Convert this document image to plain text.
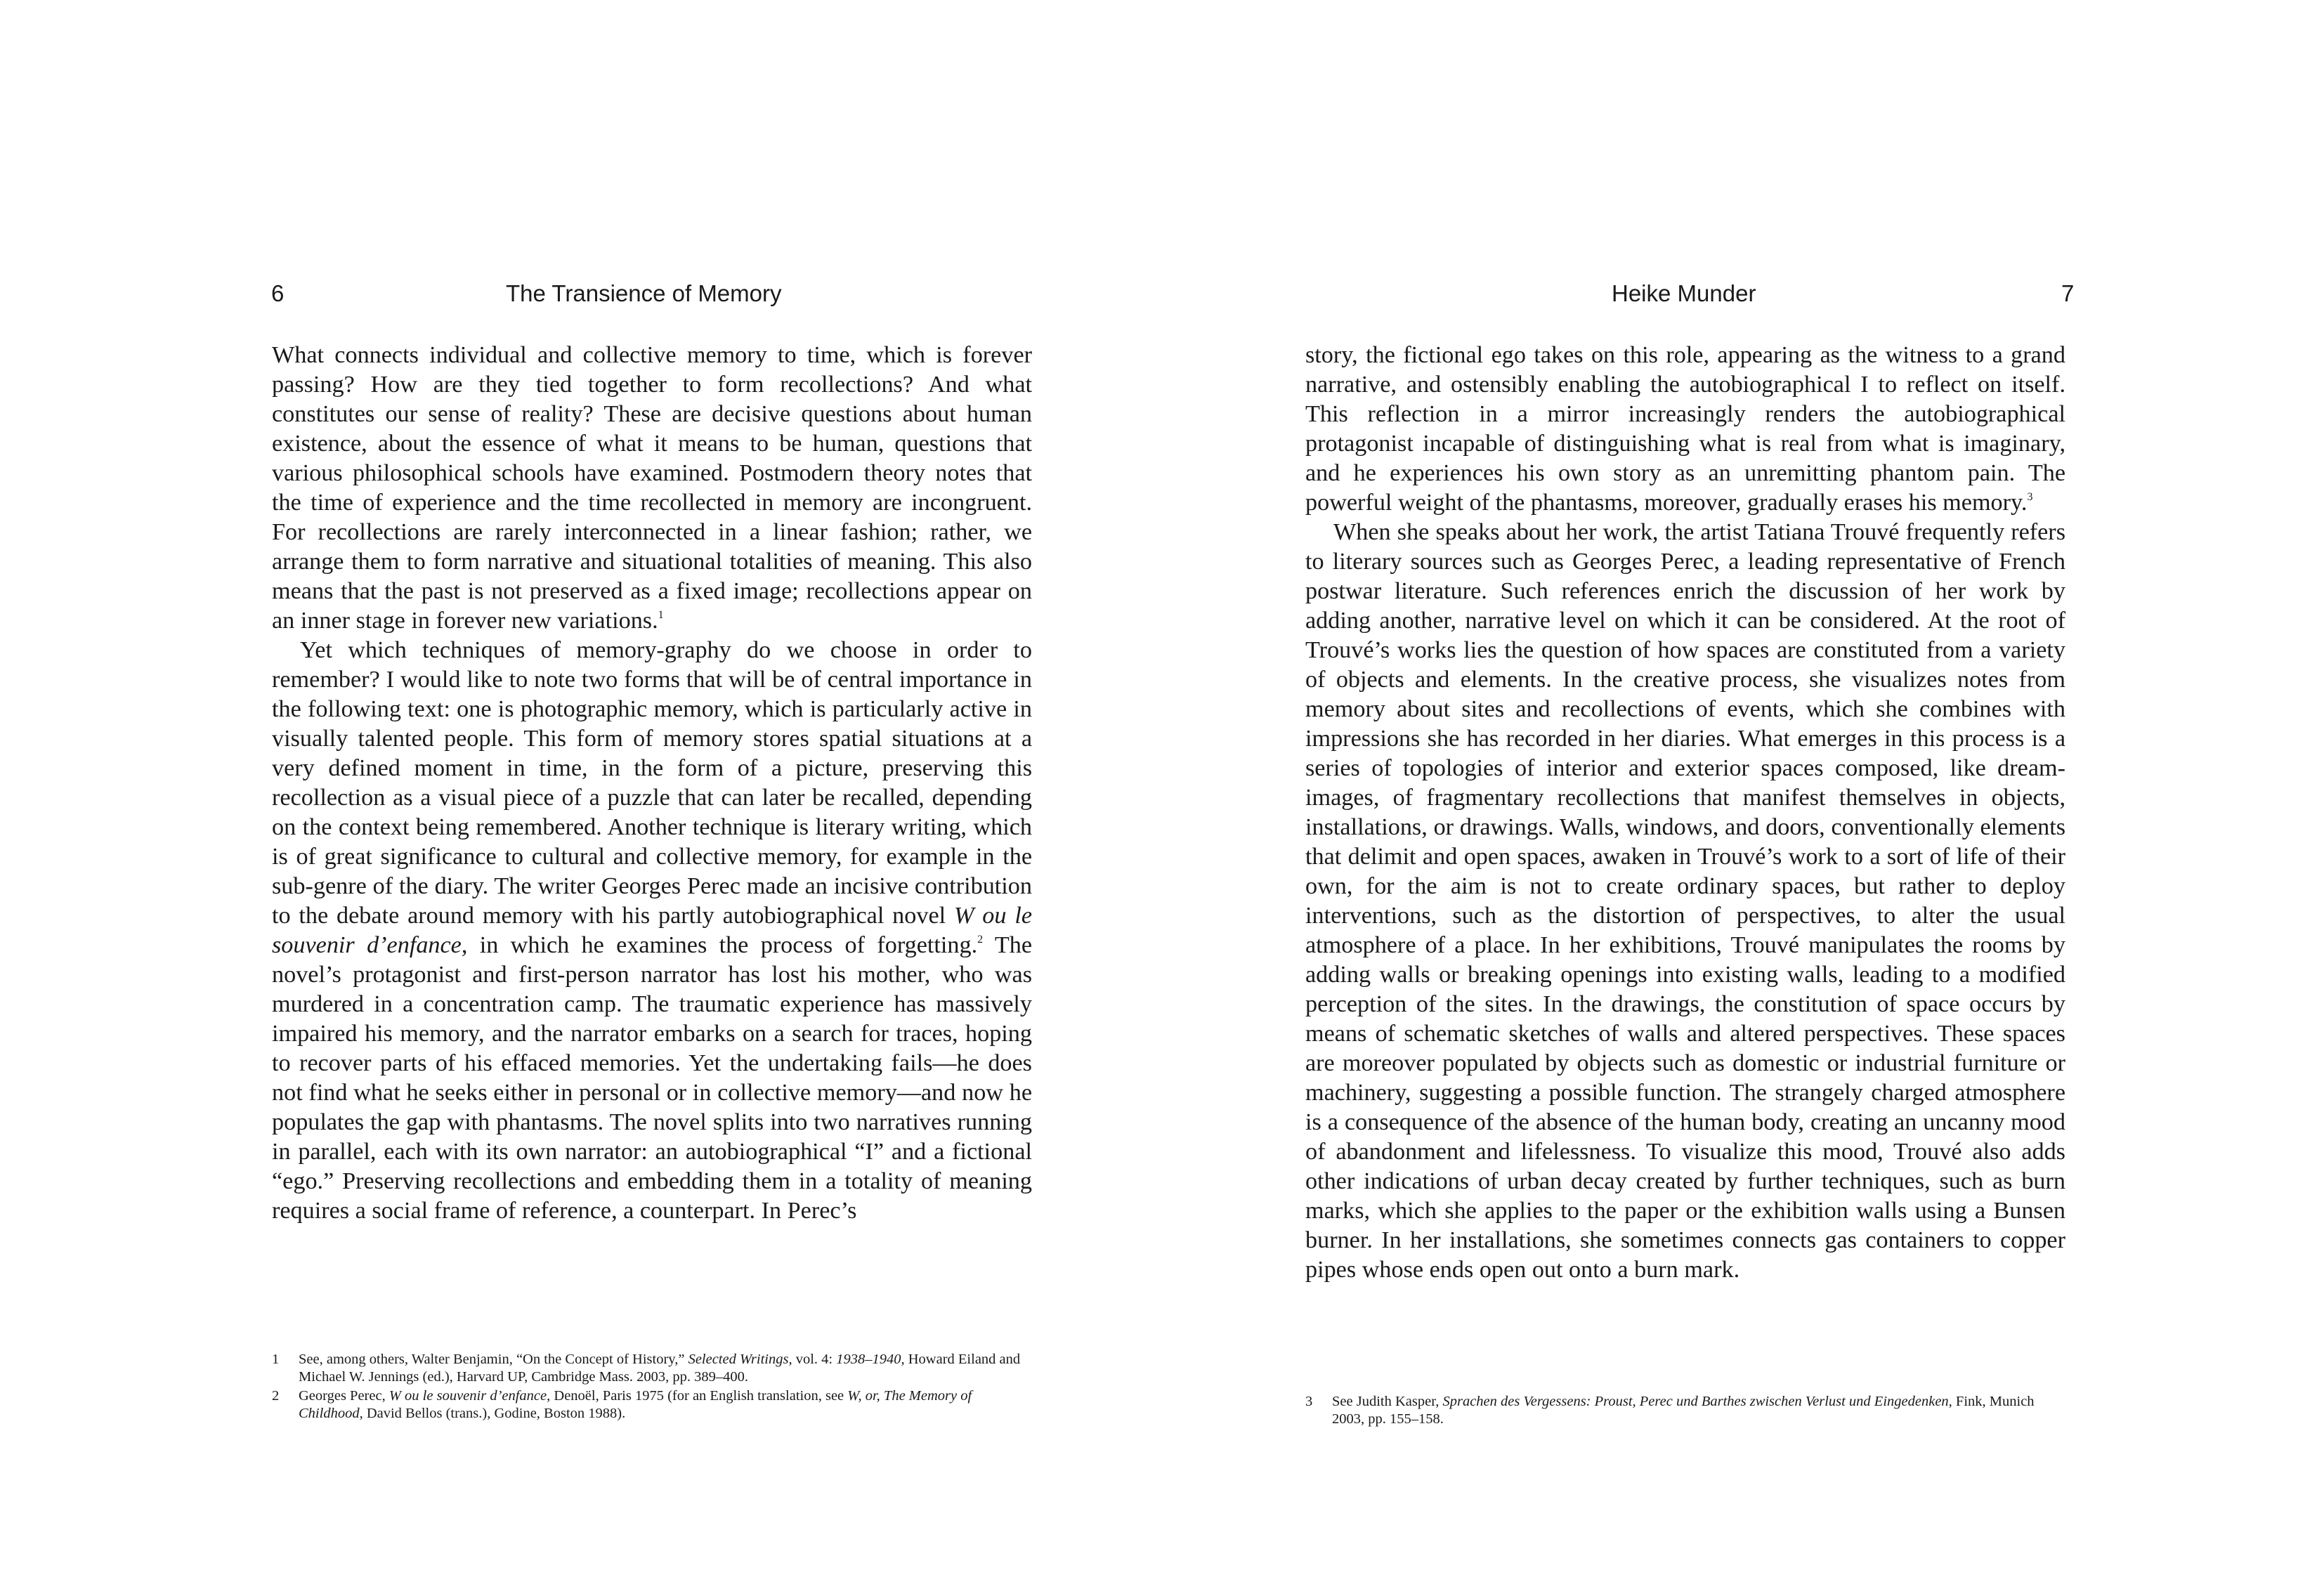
6	The Transience of Memory

What connects individual and collective memory to time, which is forever passing? How are they tied together to form recollections? And what constitutes our sense of reality? These are decisive questions about human existence, about the essence of what it means to be human, questions that various philosophical schools have examined. Postmodern theory notes that the time of experience and the time recollected in memory are incongruent. For recollections are rarely interconnected in a linear fashion; rather, we arrange them to form narrative and situational totalities of meaning. This also means that the past is not preserved as a fixed image; recollections appear on an inner stage in forever new variations.$^1$

Yet which techniques of memory-graphy do we choose in order to remember? I would like to note two forms that will be of central importance in the following text: one is photographic memory, which is particularly active in visually talented people. This form of memory stores spatial situations at a very defined moment in time, in the form of a picture, preserving this recollection as a visual piece of a puzzle that can later be recalled, depending on the context being remembered. Another technique is literary writing, which is of great significance to cultural and collective memory, for example in the sub-genre of the diary. The writer Georges Perec made an incisive contribution to the debate around memory with his partly autobiographical novel W ou le souvenir d’enfance, in which he examines the process of forgetting.$^2$ The novel’s protagonist and first-person narrator has lost his mother, who was murdered in a concentration camp. The traumatic experience has massively impaired his memory, and the narrator embarks on a search for traces, hoping to recover parts of his effaced memories. Yet the undertaking fails—he does not find what he seeks either in personal or in collective memory—and now he populates the gap with phantasms. The novel splits into two narratives running in parallel, each with its own narrator: an autobiographical “I” and a fictional “ego.” Preserving recollections and embedding them in a totality of meaning requires a social frame of reference, a counterpart. In Perec’s

1	See, among others, Walter Benjamin, “On the Concept of History,” Selected Writings, vol. 4: 1938–1940, Howard Eiland and Michael W. Jennings (ed.), Harvard UP, Cambridge Mass. 2003, pp. 389–400.
2	Georges Perec, W ou le souvenir d’enfance, Denoël, Paris 1975 (for an English translation, see W, or, The Memory of Childhood, David Bellos (trans.), Godine, Boston 1988).
Heike Munder	7

story, the fictional ego takes on this role, appearing as the witness to a grand narrative, and ostensibly enabling the autobiographical I to reflect on itself. This reflection in a mirror increasingly renders the autobiographical protagonist incapable of distinguishing what is real from what is imaginary, and he experiences his own story as an unremitting phantom pain. The powerful weight of the phantasms, moreover, gradually erases his memory.$^3$

When she speaks about her work, the artist Tatiana Trouvé frequently refers to literary sources such as Georges Perec, a leading representative of French postwar literature. Such references enrich the discussion of her work by adding another, narrative level on which it can be considered. At the root of Trouvé’s works lies the question of how spaces are constituted from a variety of objects and elements. In the creative process, she visualizes notes from memory about sites and recollections of events, which she combines with impressions she has recorded in her diaries. What emerges in this process is a series of topologies of interior and exterior spaces composed, like dream-images, of fragmentary recollections that manifest themselves in objects, installations, or drawings. Walls, windows, and doors, conventionally elements that delimit and open spaces, awaken in Trouvé’s work to a sort of life of their own, for the aim is not to create ordinary spaces, but rather to deploy interventions, such as the distortion of perspectives, to alter the usual atmosphere of a place. In her exhibitions, Trouvé manipulates the rooms by adding walls or breaking openings into existing walls, leading to a modified perception of the sites. In the drawings, the constitution of space occurs by means of schematic sketches of walls and altered perspectives. These spaces are moreover populated by objects such as domestic or industrial furniture or machinery, suggesting a possible function. The strangely charged atmosphere is a consequence of the absence of the human body, creating an uncanny mood of abandonment and lifelessness. To visualize this mood, Trouvé also adds other indications of urban decay created by further techniques, such as burn marks, which she applies to the paper or the exhibition walls using a Bunsen burner. In her installations, she sometimes connects gas containers to copper pipes whose ends open out onto a burn mark.

3	See Judith Kasper, Sprachen des Vergessens: Proust, Perec und Barthes zwischen Verlust und Eingedenken, Fink, Munich 2003, pp. 155–158.
